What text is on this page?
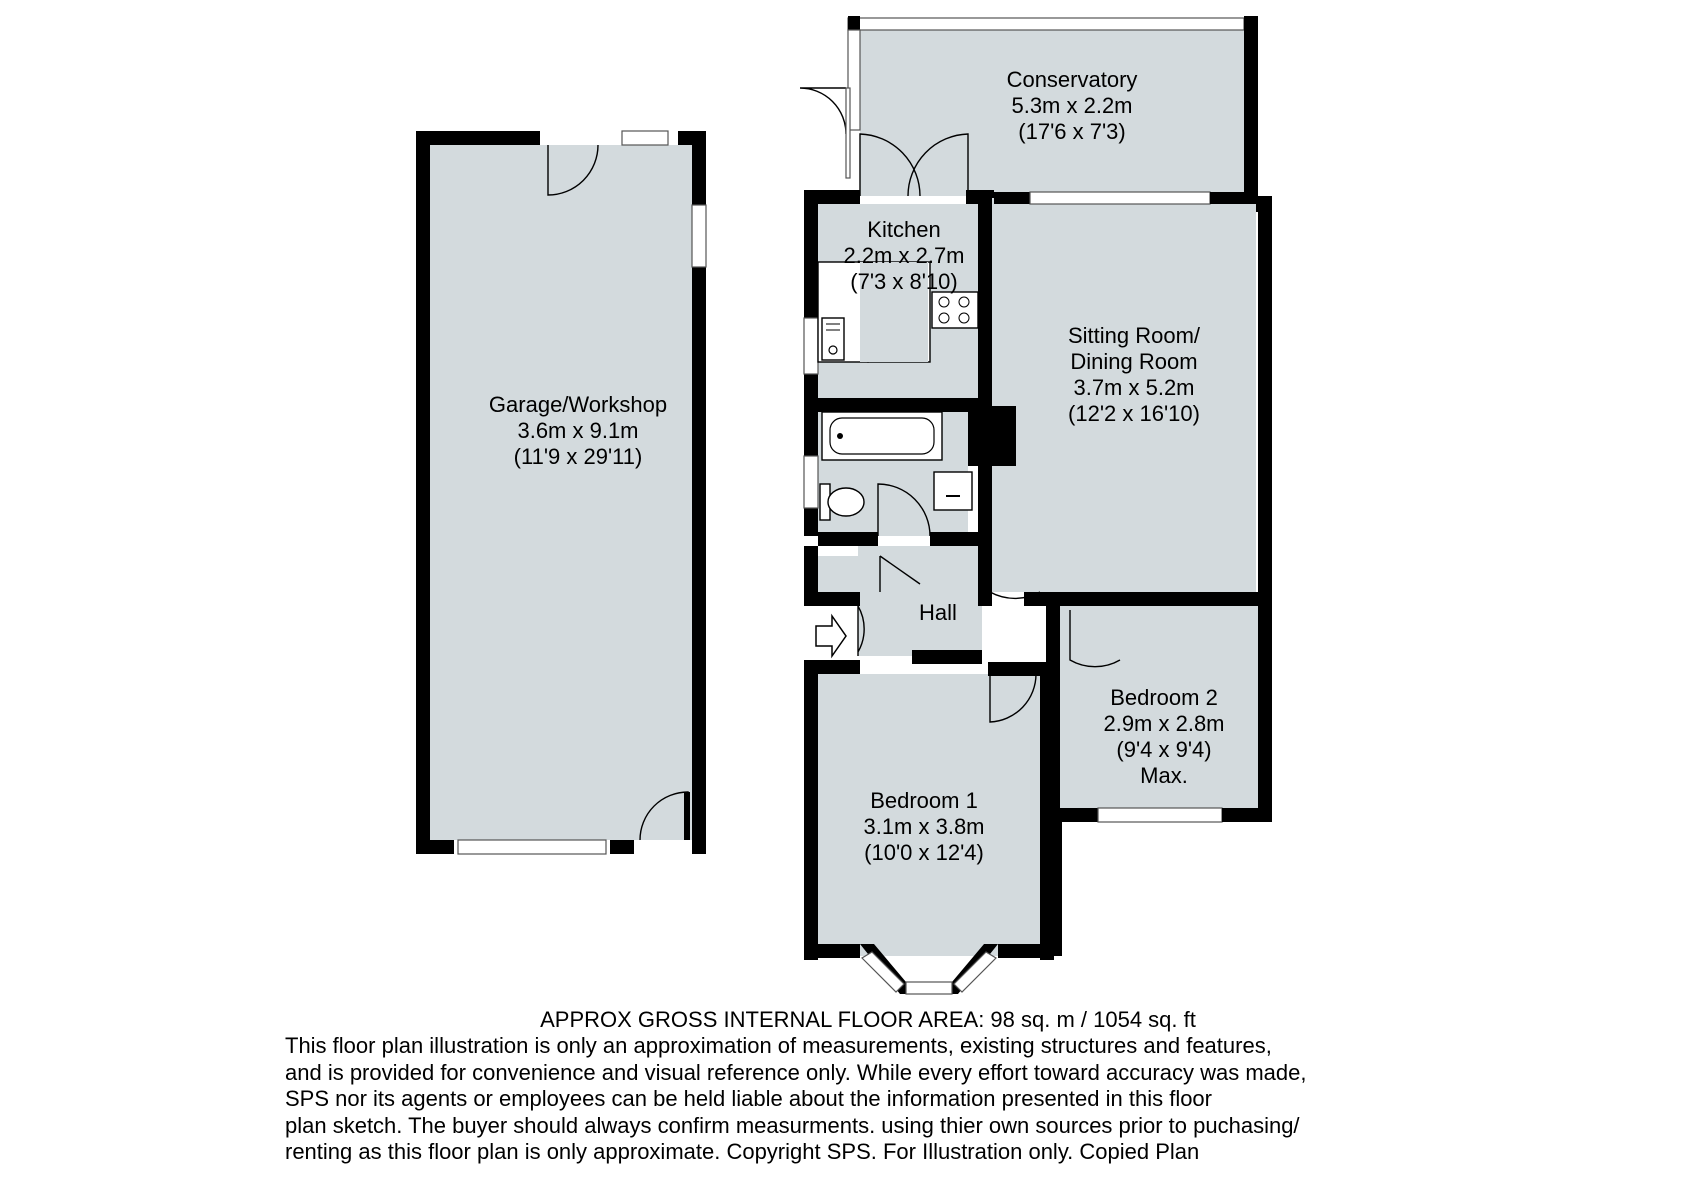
Conservatory
5.3m x 2.2m
(17'6 x 7'3)
Kitchen
2.2m x 2.7m
(7'3 x 8'10)
Sitting Room/
Dining Room
3.7m x 5.2m
(12'2 x 16'10)
Garage/Workshop
3.6m x 9.1m
(11'9 x 29'11)
Hall
Bedroom 2
2.9m x 2.8m
(9'4 x 9'4)
Max.
Bedroom 1
3.1m x 3.8m
(10'0 x 12'4)
APPROX GROSS INTERNAL FLOOR AREA: 98 sq. m / 1054 sq. ft
This floor plan illustration is only an approximation of measurements, existing structures and features,
and is provided for convenience and visual reference only. While every effort toward accuracy was made,
SPS nor its agents or employees can be held liable about the information presented in this floor
plan sketch. The buyer should always confirm measurments. using thier own sources prior to puchasing/
renting as this floor plan is only approximate. Copyright SPS. For Illustration only. Copied Plan
